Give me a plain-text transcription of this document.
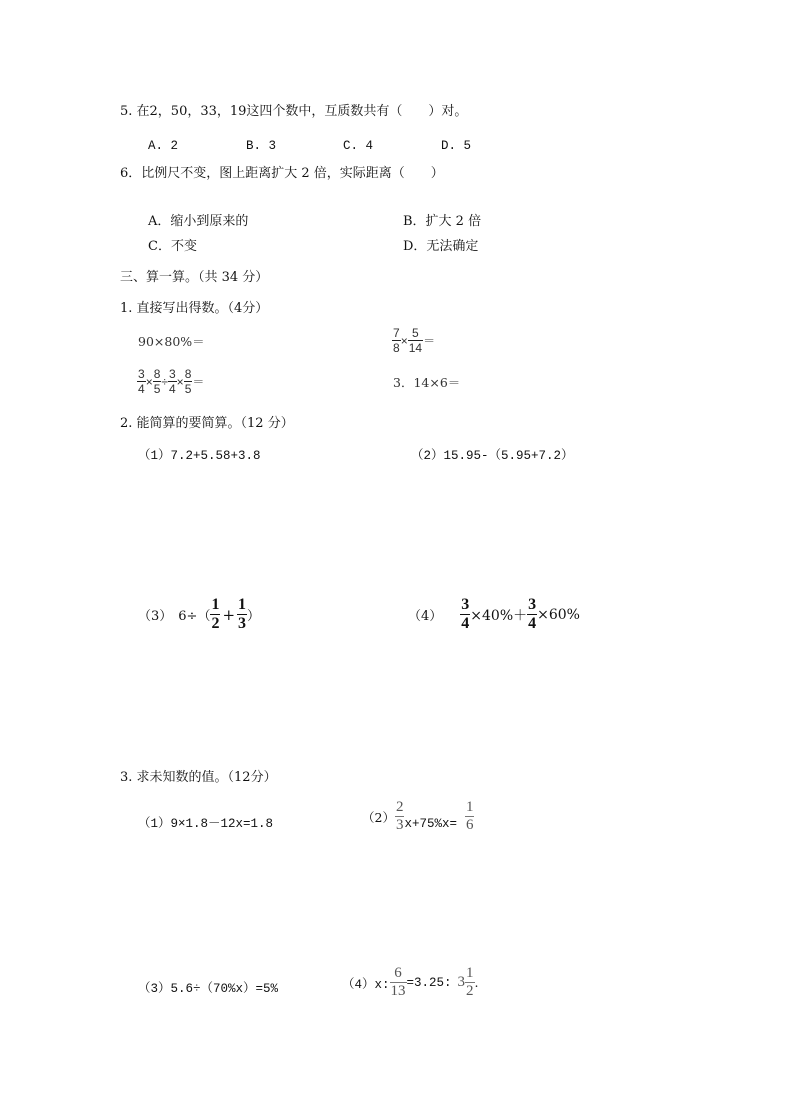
5. 在2，50，33，19这四个数中，互质数共有（　　）对。
A. 2	B. 3	C. 4	D. 5
6．比例尺不变，图上距离扩大 2 倍，实际距离（　　）
A．缩小到原来的	B．扩大 2 倍
C．不变	D．无法确定
三、算一算。（共 34 分）
1. 直接写出得数。（4分）
90×80%＝	$\frac{7}{8} \times \frac{5}{14}$ ＝
$\frac{3}{4} \times \frac{8}{5} \div \frac{3}{4} \times \frac{8}{5}$ ＝	3．14×6＝
2. 能简算的要简算。（12 分）
（1）7.2+5.58+3.8	（2）15.95-（5.95+7.2）
（3） $6\div( \frac{1}{2} + \frac{1}{3}$ ）	$(4) \frac{3}{4} \times 40\%+ \frac{3}{4} \times 60\%$
3. 求未知数的值。（12分）
（1）9×1.8－12x=1.8	$(2) \frac{2}{3} x+75\%x= \frac{1}{6}$
（3）5.6÷（70%x）=5%	（4）x: $\frac{6}{13} =3.25$: $3 \frac{1}{2}$ .
